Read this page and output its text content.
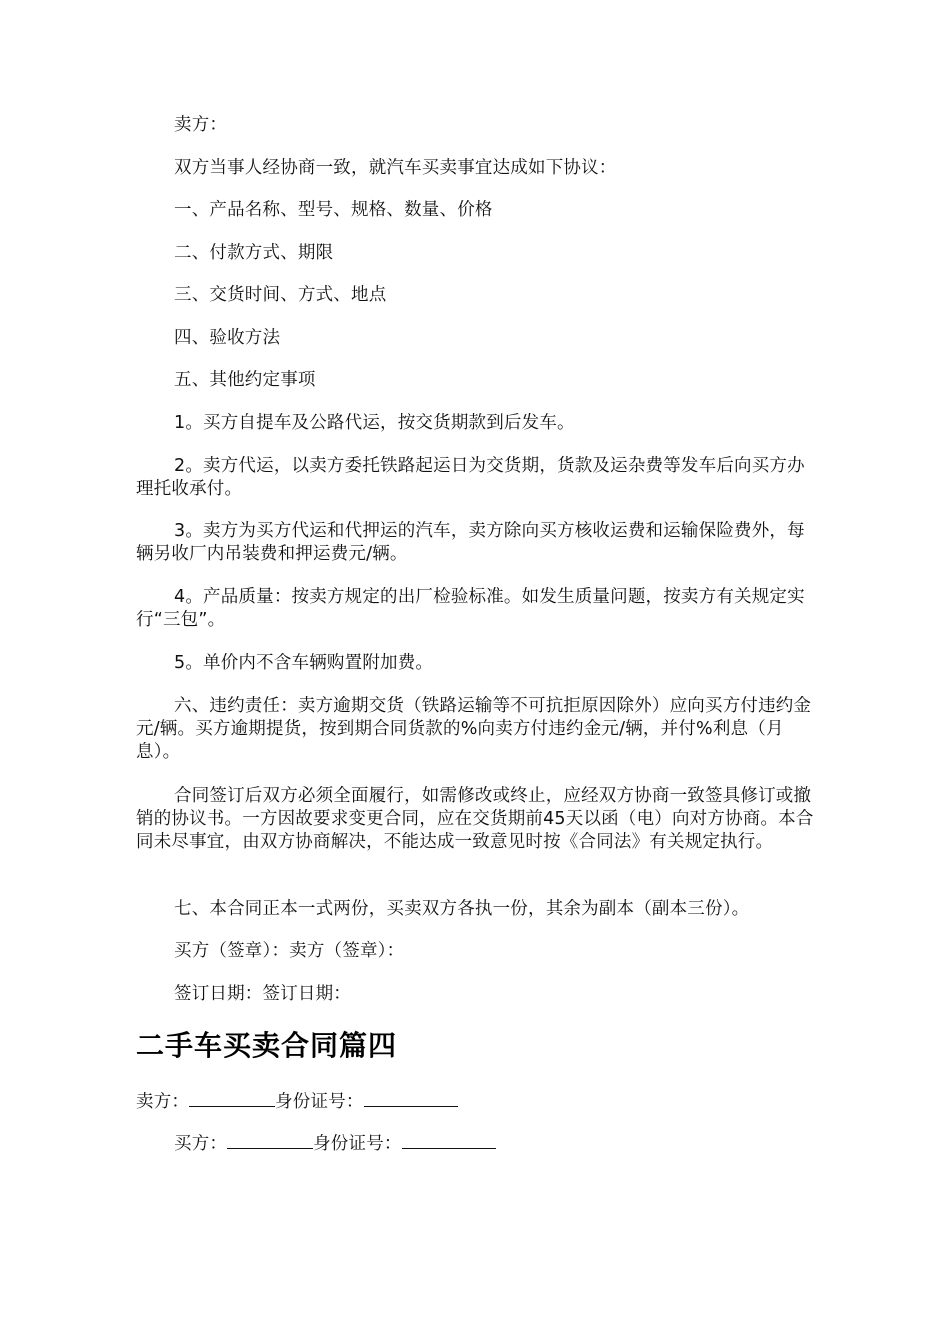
卖方：
双方当事人经协商一致，就汽车买卖事宜达成如下协议：
一、产品名称、型号、规格、数量、价格
二、付款方式、期限
三、交货时间、方式、地点
四、验收方法
五、其他约定事项
1。买方自提车及公路代运，按交货期款到后发车。
2。卖方代运，以卖方委托铁路起运日为交货期，货款及运杂费等发车后向买方办理托收承付。
3。卖方为买方代运和代押运的汽车，卖方除向买方核收运费和运输保险费外，每辆另收厂内吊装费和押运费元/辆。
4。产品质量：按卖方规定的出厂检验标准。如发生质量问题，按卖方有关规定实行“三包”。
5。单价内不含车辆购置附加费。
六、违约责任：卖方逾期交货（铁路运输等不可抗拒原因除外）应向买方付违约金元/辆。买方逾期提货，按到期合同货款的%向卖方付违约金元/辆，并付%利息（月息）。
合同签订后双方必须全面履行，如需修改或终止，应经双方协商一致签具修订或撤销的协议书。一方因故要求变更合同，应在交货期前45天以函（电）向对方协商。本合同未尽事宜，由双方协商解决，不能达成一致意见时按《合同法》有关规定执行。
七、本合同正本一式两份，买卖双方各执一份，其余为副本（副本三份）。
买方（签章）：卖方（签章）：
签订日期：签订日期：
二手车买卖合同篇四
卖方：	身份证号：
买方：	身份证号：
